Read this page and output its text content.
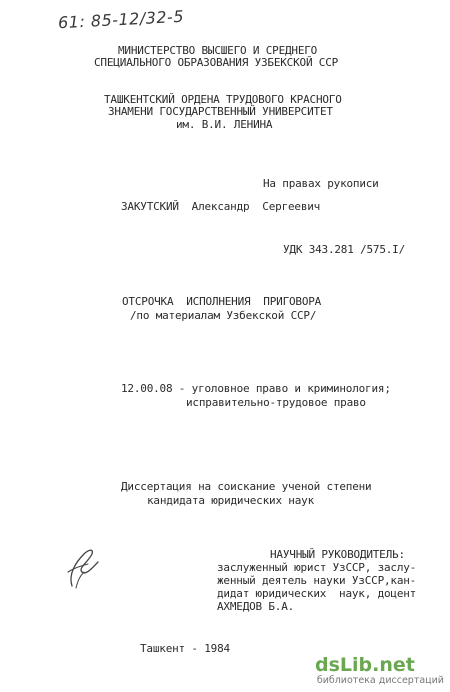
61: 85-12/32-5
МИНИСТЕРСТВО ВЫСШЕГО И СРЕДНЕГО
СПЕЦИАЛЬНОГО ОБРАЗОВАНИЯ УЗБЕКСКОЙ ССР
ТАШКЕНТСКИЙ ОРДЕНА ТРУДОВОГО КРАСНОГО
ЗНАМЕНИ ГОСУДАРСТВЕННЫЙ УНИВЕРСИТЕТ
им. В.И. ЛЕНИНА
На правах рукописи
ЗАКУТСКИЙ  Александр  Сергеевич
УДК 343.281 /575.I/
ОТСРОЧКА  ИСПОЛНЕНИЯ  ПРИГОВОРА
/по материалам Узбекской ССР/
12.00.08 - уголовное право и криминология;
исправительно-трудовое право
Диссертация на соискание ученой степени
кандидата юридических наук
НАУЧНЫЙ РУКОВОДИТЕЛЬ:
заслуженный юрист УзССР, заслу-
женный деятель науки УзССР,кан-
дидат юридических  наук, доцент
АХМЕДОВ Б.А.
Ташкент - 1984
dsLib.net
библиотека диссертаций
